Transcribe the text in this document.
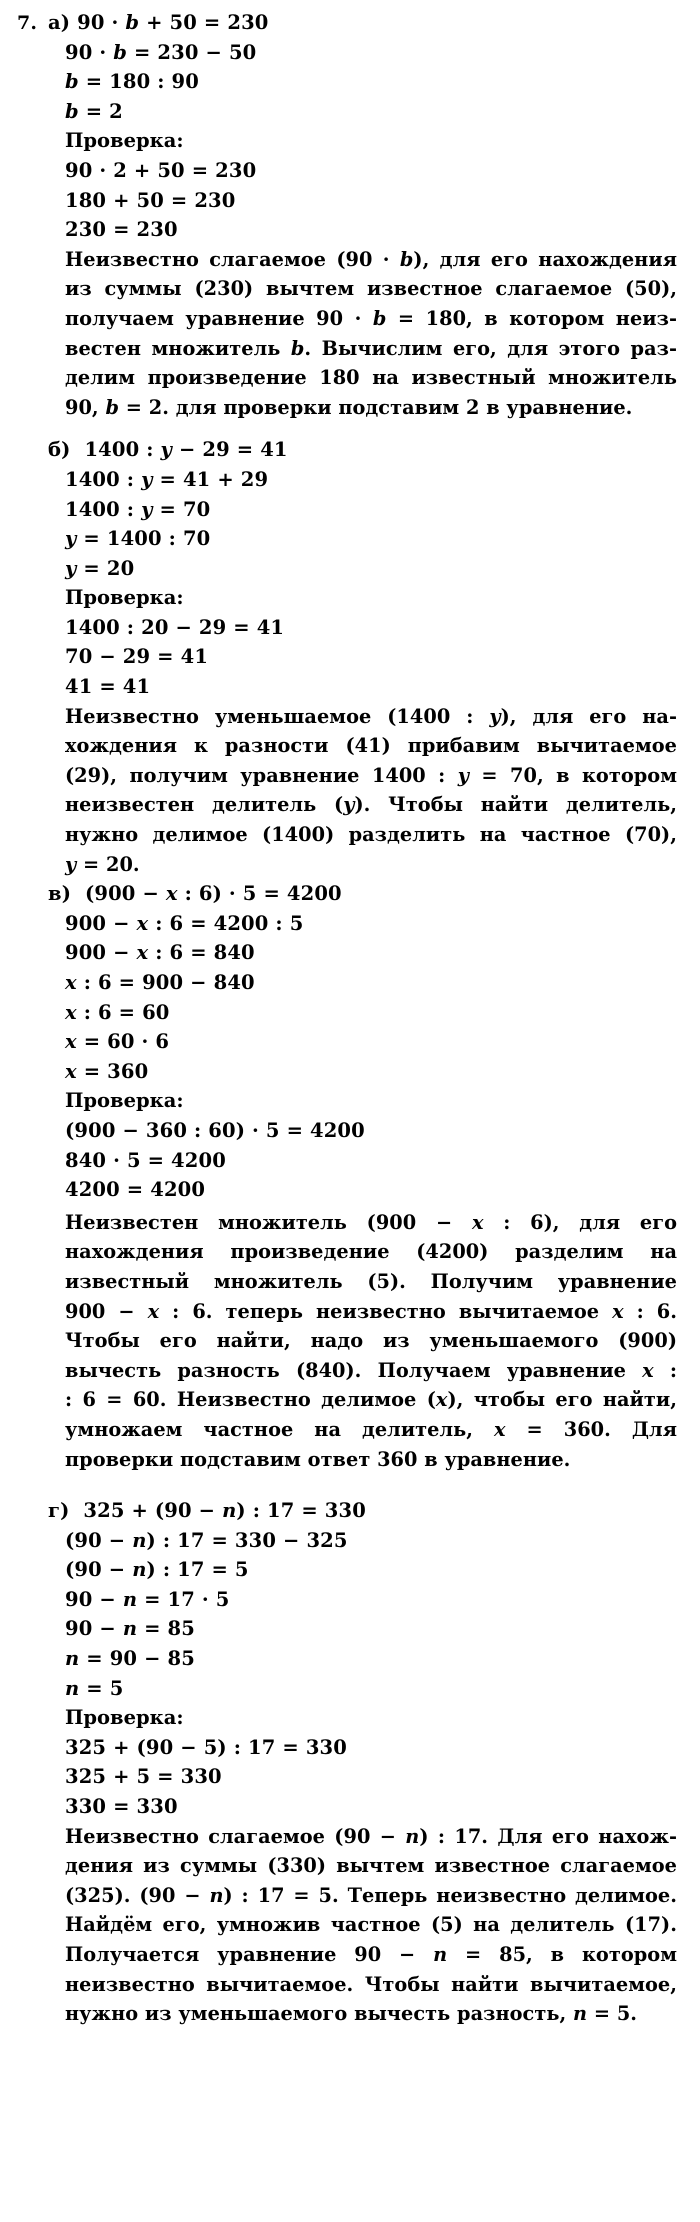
7. а) 90 · b + 50 = 230
90 · b = 230 − 50
b = 180 : 90
b = 2
Проверка:
90 · 2 + 50 = 230
180 + 50 = 230
230 = 230

Неизвестно слагаемое (90 · b), для его нахождения из суммы (230) вычтем известное слагаемое (50), получаем уравнение 90 · b = 180, в котором неизвестен множитель b. Вычислим его, для этого разделим произведение 180 на известный множитель 90, b = 2. для проверки подставим 2 в уравнение.

б)  1400 : y − 29 = 41
1400 : y = 41 + 29
1400 : y = 70
y = 1400 : 70
y = 20
Проверка:
1400 : 20 − 29 = 41
70 − 29 = 41
41 = 41

Неизвестно уменьшаемое (1400 : y), для его нахождения к разности (41) прибавим вычитаемое (29), получим уравнение 1400 : y = 70, в котором неизвестен делитель (y). Чтобы найти делитель, нужно делимое (1400) разделить на частное (70), y = 20.

в)  (900 − x : 6) · 5 = 4200
900 − x : 6 = 4200 : 5
900 − x : 6 = 840
x : 6 = 900 − 840
x : 6 = 60
x = 60 · 6
x = 360
Проверка:
(900 − 360 : 60) · 5 = 4200
840 · 5 = 4200
4200 = 4200

Неизвестен множитель (900 − x : 6), для его нахождения произведение (4200) разделим на известный множитель (5). Получим уравнение 900 − x : 6. теперь неизвестно вычитаемое x : 6. Чтобы его найти, надо из уменьшаемого (900) вычесть разность (840). Получаем уравнение x : : 6 = 60. Неизвестно делимое (x), чтобы его найти, умножаем частное на делитель, x = 360. Для проверки подставим ответ 360 в уравнение.

г)  325 + (90 − n) : 17 = 330
(90 − n) : 17 = 330 − 325
(90 − n) : 17 = 5
90 − n = 17 · 5
90 − n = 85
n = 90 − 85
n = 5
Проверка:
325 + (90 − 5) : 17 = 330
325 + 5 = 330
330 = 330

Неизвестно слагаемое (90 − n) : 17. Для его нахождения из суммы (330) вычтем известное слагаемое (325). (90 − n) : 17 = 5. Теперь неизвестно делимое. Найдём его, умножив частное (5) на делитель (17). Получается уравнение 90 − n = 85, в котором неизвестно вычитаемое. Чтобы найти вычитаемое, нужно из уменьшаемого вычесть разность, n = 5.
